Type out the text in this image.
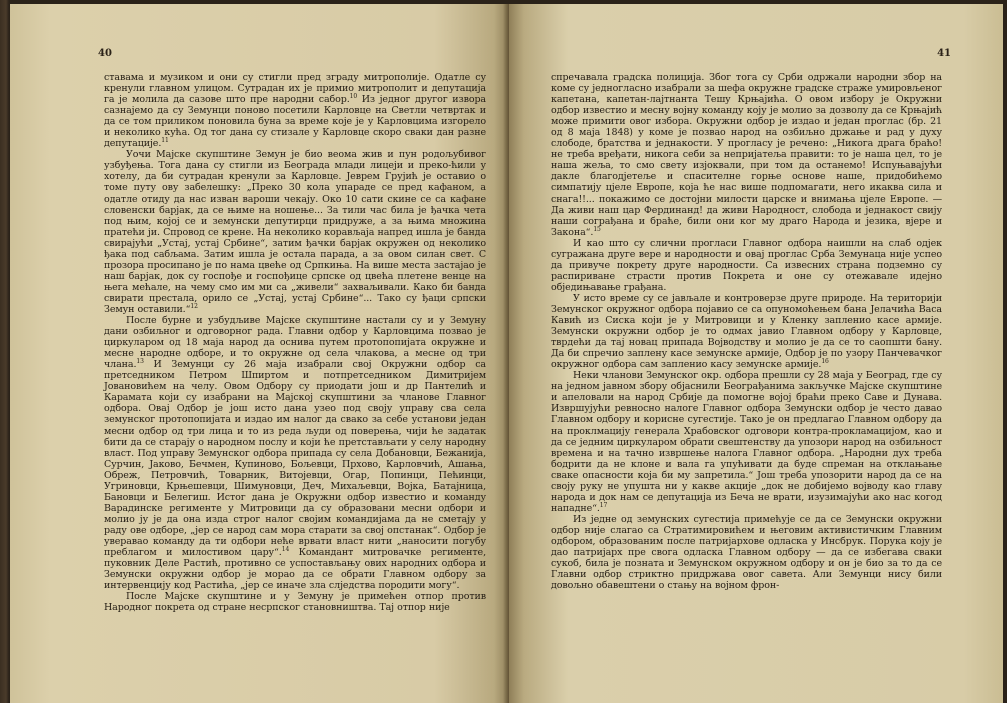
40

ставама и музиком и они су стигли пред зграду митрополије. Одатле су кренули главном улицом. Сутрадан их је примио митрополит и депутација га је молила да сазове што пре народни сабор.$^{10}$ Из једног другог извора сазнајемо да су Земунци поново посетили Карловце на Светли четвртак и да се том приликом поновила буна за време које је у Карловцима изгорело и неколико кућа. Од тог дана су стизале у Карловце скоро сваки дан разне депутације.$^{11}$

Уочи Мајске скупштине Земун је био веома жив и пун родољубивог узбуђења. Тога дана су стигли из Београда млади лицеји и преко-ћили у хотелу, да би сутрадан кренули за Карловце. Јеврем Грујић је оставио о томе путу ову забелешку: „Преко 30 кола упараде се пред кафаном, а одатле отиду да нас изван вароши чекају. Око 10 сати скине се са кафане словенски барјак, да се њиме на ношење... За тили час била је ђачка чета под њим, којој се и земунски депутирци придруже, а за њима множина пратећи ји. Спровод се крене. На неколико корављаја напред ишла је банда свираjући „Устај, устај Србине“, затим ђачки барјак окружен од неколико ђака под сабљама. Затим ишла је остала парада, а за овом силан свет. С прозора просипано је по нама цвеће од Српкиња. На више места застајао је наш барјак, док су госпође и госпођице српске од цвећа плетене венце на њега мећале, на чему смо им ми са „живели“ захваљивали. Како би банда свирати престала, орило се „Устај, устај Србине“... Тако су ђаци српски Земун оставили.“$^{12}$

После бурне и узбудљиве Мајске скупштине настали су и у Земуну дани озбиљног и одговорног рада. Главни одбор у Карловцима позвао је циркуларом од 18 маја народ да оснива путем протопопијата окружне и месне народне одборе, и то окружне од села члакова, а месне од три члана.$^{13}$ И Земунци су 26 маја изабрали свој Окружни одбор са претседником Петром Шпиртом и потпретседником Димитријем Јовановићем на челу. Овом Одбору су приодати још и др Пантелић и Караматa који су изабрани на Мајској скупштини за чланове Главног одбора. Овај Одбор је још исто дана узео под своју управу сва села земунског протопопијата и издао им налог да свако за себе установи један месни одбор од три лица и то из реда људи од поверења, чији ће задатак бити да се старају о народном послу и који ће претстављати у селу народну власт. Под управу Земунског одбора припада су села Добановци, Бежанија, Сурчин, Јаково, Бечмен, Купиново, Бољевци, Прхово, Карловчић, Ашања, Обреж, Петровчић, Товарник, Витојевци, Огар, Попинци, Пећинци, Угриновци, Крњешевци, Шимуновци, Деч, Михаљевци, Војка, Батајница, Бановци и Белегиш. Истог дана је Окружни одбор известио и команду Варадинске регименте у Митровици да су образовани месни одбори и молио ју је да она изда строг налог својим командијама да не сметају у раду ове одборе, „јер се народ сам мора старати за свој опстанак“. Одбор је уверавао команду да ти одбори неће врвати власт нити „наносити погубу преблагом и милостивом цару“.$^{14}$ Командант митровачке регименте, пуковник Деле Растић, противно се успостављању ових народних одбора и Земунски окружни одбор је морао да се обрати Главном одбору за интервенцију код Растића, „јер се иначе зла слједства породити могу“.

После Мајске скупштине и у Земуну је примећен отпор против Народног покрета од стране несрпског становништва. Тај отпор није

41

спречавала градска полиција. Због тога су Срби одржали народни збор на коме су једногласно изабрали за шефа окружне градске страже умировљеног капетана, капетан-лајтнанта Тешу Крњајића. О овом избору је Окружни одбор известио и месну војну команду коју је молио за дозволу да се Крњајић може примити овог избора. Окружни одбор је издао и један проглас (бр. 21 од 8 маја 1848) у коме је позвао народ на озбиљно држање и рад у духу слободе, братства и једнакости. У прогласу је речено: „Никога драга браћо! не треба вређати, никога себи за непријатеља правити: то је наша цел, то је наша жеља, то смо свету изјоквали, при том да останемо! Испуњавајући дакле благодјетеље и спасителне горње основе наше, придобићемо симпатију цјеле Европе, која ће нас више подпомагати, него икаква сила и снага!!... покажимо се достојни милости царске и внимања цјеле Европе. — Да живи наш цар Фердинанд! да живи Народност, слобода и једнакост свију наши сограђана и браће, били они ког му драго Народа и језика, вјере и Закона“.$^{15}$

И као што су слични прогласи Главног одбора наишли на слаб одјек сугражана друге вере и народности и овај проглас Срба Земунаца није успео да привуче покрету друге народности. Са извесних страна подземно су распириване страсти против Покрета и оне су отежавале идејно обједињавање грађана.

У исто време су се јављале и контроверзе друге природе. На територији Земунског окружног одбора појавио се са опуномоћењем бана Јелачића Васа Кавић из Сиска који је у Митровици и у Кленку запленио касе армије. Земунски окружни одбор је то одмах јавио Главном одбору у Карловце, тврдећи да тај новац припада Војводству и молио је да се то саопшти бану. Да би спречио заплену касе земунске армије, Одбор је по узору Панчевачког окружног одбора сам запленио касу земунске армије.$^{16}$

Неки чланови Земунског окр. одбора прешли су 28 маја у Београд, где су на једном јавном збору објаснили Београђанима закључке Мајске скупштине и апеловали на народ Србије да помогне војој браћи преко Саве и Дунава. Извршујући ревносно налоге Главног одбора Земунски одбор је често давао Главном одбору и корисне сугестије. Тако је он предлагао Главном одбору да на проклмацију генерала Храбовског одговори контра-прокламацијом, као и да се једним циркуларом обрати свештенству да упозори народ на озбиљност времена и на тачно извршење налога Главног одбора. „Народни дух треба бодрити да не клоне и вала га упућивати да буде спреман на отклањање сваке опасности која би му запретила.“ Још треба упозорити народ да се на своју руку не упушта ни у какве акције „док не добијемо војводу као главу народа и док нам се депутација из Беча не врати, изузимајући ако нас когод нападне“.$^{17}$

Из једне од земунских сугестија примећује се да се Земунски окружни одбор није слагао са Стратимировићем и његовим активистичким Главним одбором, образованим после патријархове одласка у Инсбрук. Порука коју је дао патријарх пре свога одласка Главном одбору — да се избегава сваки сукоб, била је позната и Земунском окружном одбору и он је био за то да се Главни одбор стриктно придржава овог савета. Али Земунци нису били довољно обавештени о стању на војном фрон-
